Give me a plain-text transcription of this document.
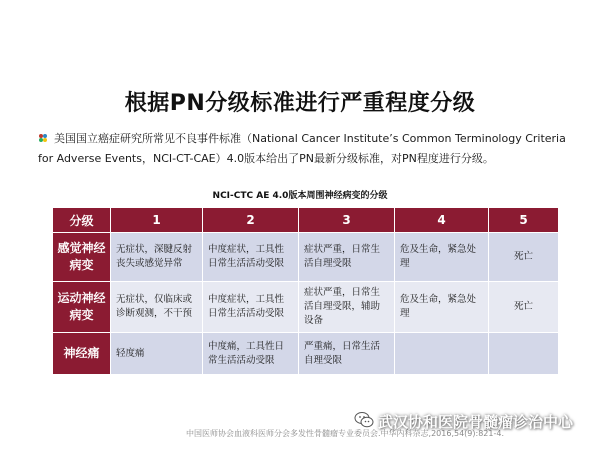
根据PN分级标准进行严重程度分级
美国国立癌症研究所常见不良事件标准（National Cancer Institute’s Common Terminology Criteria
for Adverse Events，NCI-CT-CAE）4.0版本给出了PN最新分级标准，对PN程度进行分级。
NCI-CTC AE 4.0版本周围神经病变的分级
分级	1	2	3	4	5
感觉神经病变	无症状，深腱反射丧失或感觉异常	中度症状，工具性日常生活活动受限	症状严重，日常生活自理受限	危及生命，紧急处理	死亡
运动神经病变	无症状，仅临床或诊断观测，不干预	中度症状，工具性日常生活活动受限	症状严重，日常生活自理受限，辅助设备	危及生命，紧急处理	死亡
神经痛	轻度痛	中度痛，工具性日常生活活动受限	严重痛，日常生活自理受限		
中国医师协会血液科医师分会多发性骨髓瘤专业委员会.中华内科杂志,2016,54(9):821-4.
武汉协和医院骨髓瘤诊治中心
